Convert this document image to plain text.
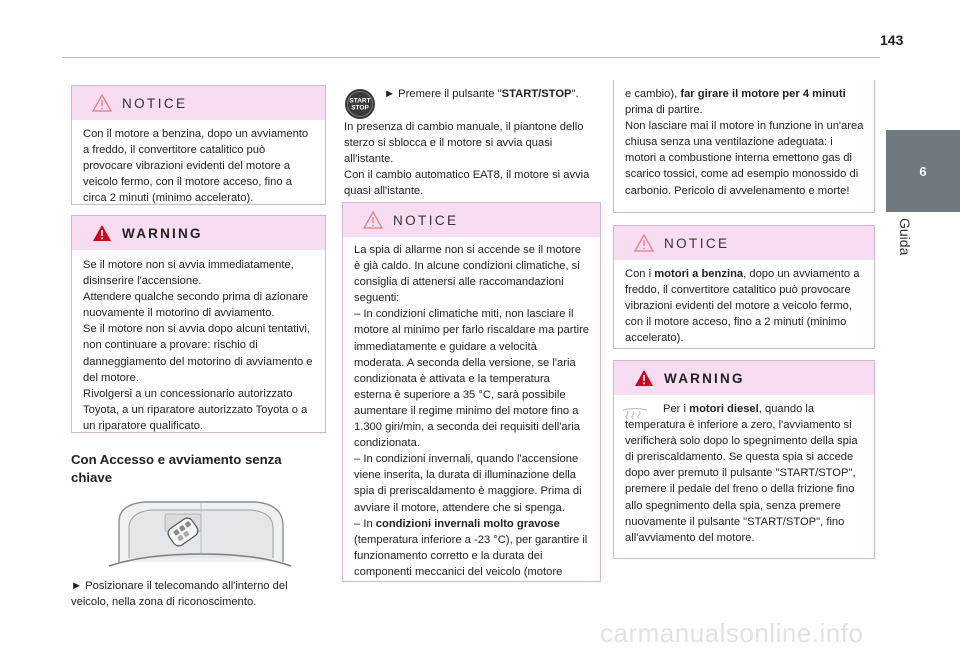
143
6
Guida
NOTICE

Con il motore a benzina, dopo un avviamento a freddo, il convertitore catalitico può provocare vibrazioni evidenti del motore a veicolo fermo, con il motore acceso, fino a circa 2 minuti (minimo accelerato).

WARNING

Se il motore non si avvia immediatamente, disinserire l'accensione.

Attendere qualche secondo prima di azionare nuovamente il motorino di avviamento.

Se il motore non si avvia dopo alcuni tentativi, non continuare a provare: rischio di danneggiamento del motorino di avviamento e del motore.

Rivolgersi a un concessionario autorizzato Toyota, a un riparatore autorizzato Toyota o a un riparatore qualificato.

Con Accesso e avviamento senza chiave
► Posizionare il telecomando all'interno del veicolo, nella zona di riconoscimento.
START
STOP
► Premere il pulsante "START/STOP".

In presenza di cambio manuale, il piantone dello sterzo si sblocca e il motore si avvia quasi all'istante.

Con il cambio automatico EAT8, il motore si avvia quasi all'istante.

NOTICE

La spia di allarme non si accende se il motore è già caldo. In alcune condizioni climatiche, si consiglia di attenersi alle raccomandazioni seguenti:

– In condizioni climatiche miti, non lasciare il motore al minimo per farlo riscaldare ma partire immediatamente e guidare a velocità moderata. A seconda della versione, se l'aria condizionata è attivata e la temperatura esterna è superiore a 35 °C, sarà possibile aumentare il regime minimo del motore fino a 1.300 giri/min, a seconda dei requisiti dell'aria condizionata.

– In condizioni invernali, quando l'accensione viene inserita, la durata di illuminazione della spia di preriscaldamento è maggiore. Prima di avviare il motore, attendere che si spenga.

– In condizioni invernali molto gravose (temperatura inferiore a -23 °C), per garantire il funzionamento corretto e la durata dei componenti meccanici del veicolo (motore

e cambio), far girare il motore per 4 minuti prima di partire.

Non lasciare mai il motore in funzione in un'area chiusa senza una ventilazione adeguata: i motori a combustione interna emettono gas di scarico tossici, come ad esempio monossido di carbonio. Pericolo di avvelenamento e morte!

NOTICE

Con i motori a benzina, dopo un avviamento a freddo, il convertitore catalitico può provocare vibrazioni evidenti del motore a veicolo fermo, con il motore acceso, fino a 2 minuti (minimo accelerato).

WARNING

Per i motori diesel, quando la temperatura è inferiore a zero, l'avviamento si verificherà solo dopo lo spegnimento della spia di preriscaldamento. Se questa spia si accede dopo aver premuto il pulsante "START/STOP", premere il pedale del freno o della frizione fino allo spegnimento della spia, senza premere nuovamente il pulsante "START/STOP", fino all'avviamento del motore.

carmanualsonline.info
